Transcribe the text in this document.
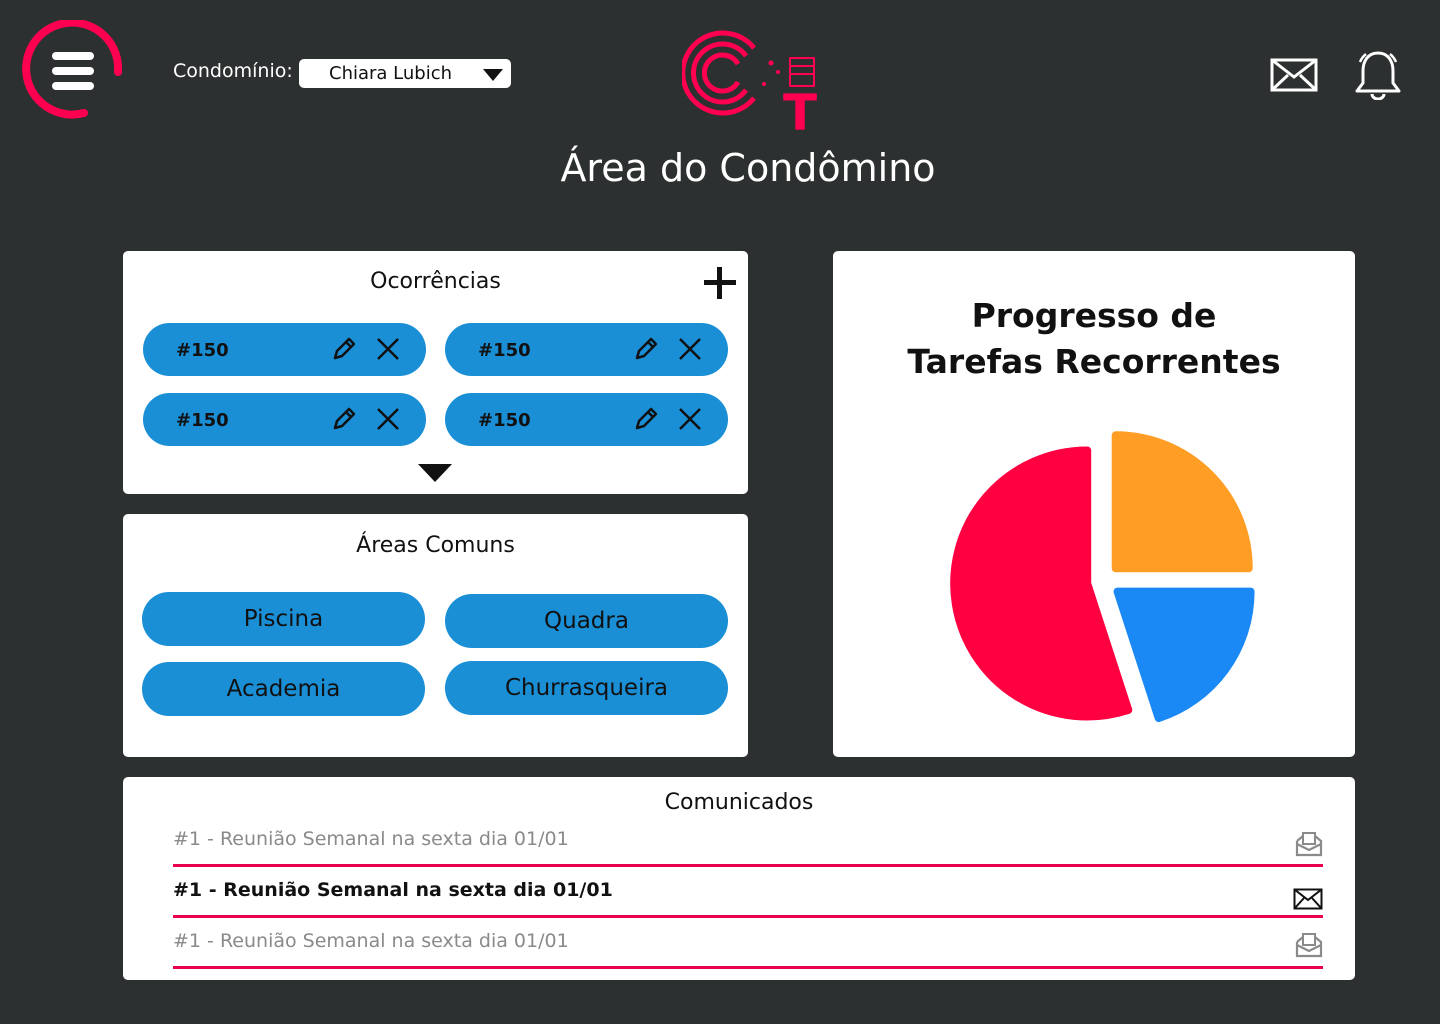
Condomínio: Chiara Lubich
T
Área do Condômino
Ocorrências
#150	#150
#150	#150
Áreas Comuns
Piscina	Quadra
Academia	Churrasqueira
Progresso de
Tarefas Recorrentes
Comunicados
#1 - Reunião Semanal na sexta dia 01/01
#1 - Reunião Semanal na sexta dia 01/01
#1 - Reunião Semanal na sexta dia 01/01
